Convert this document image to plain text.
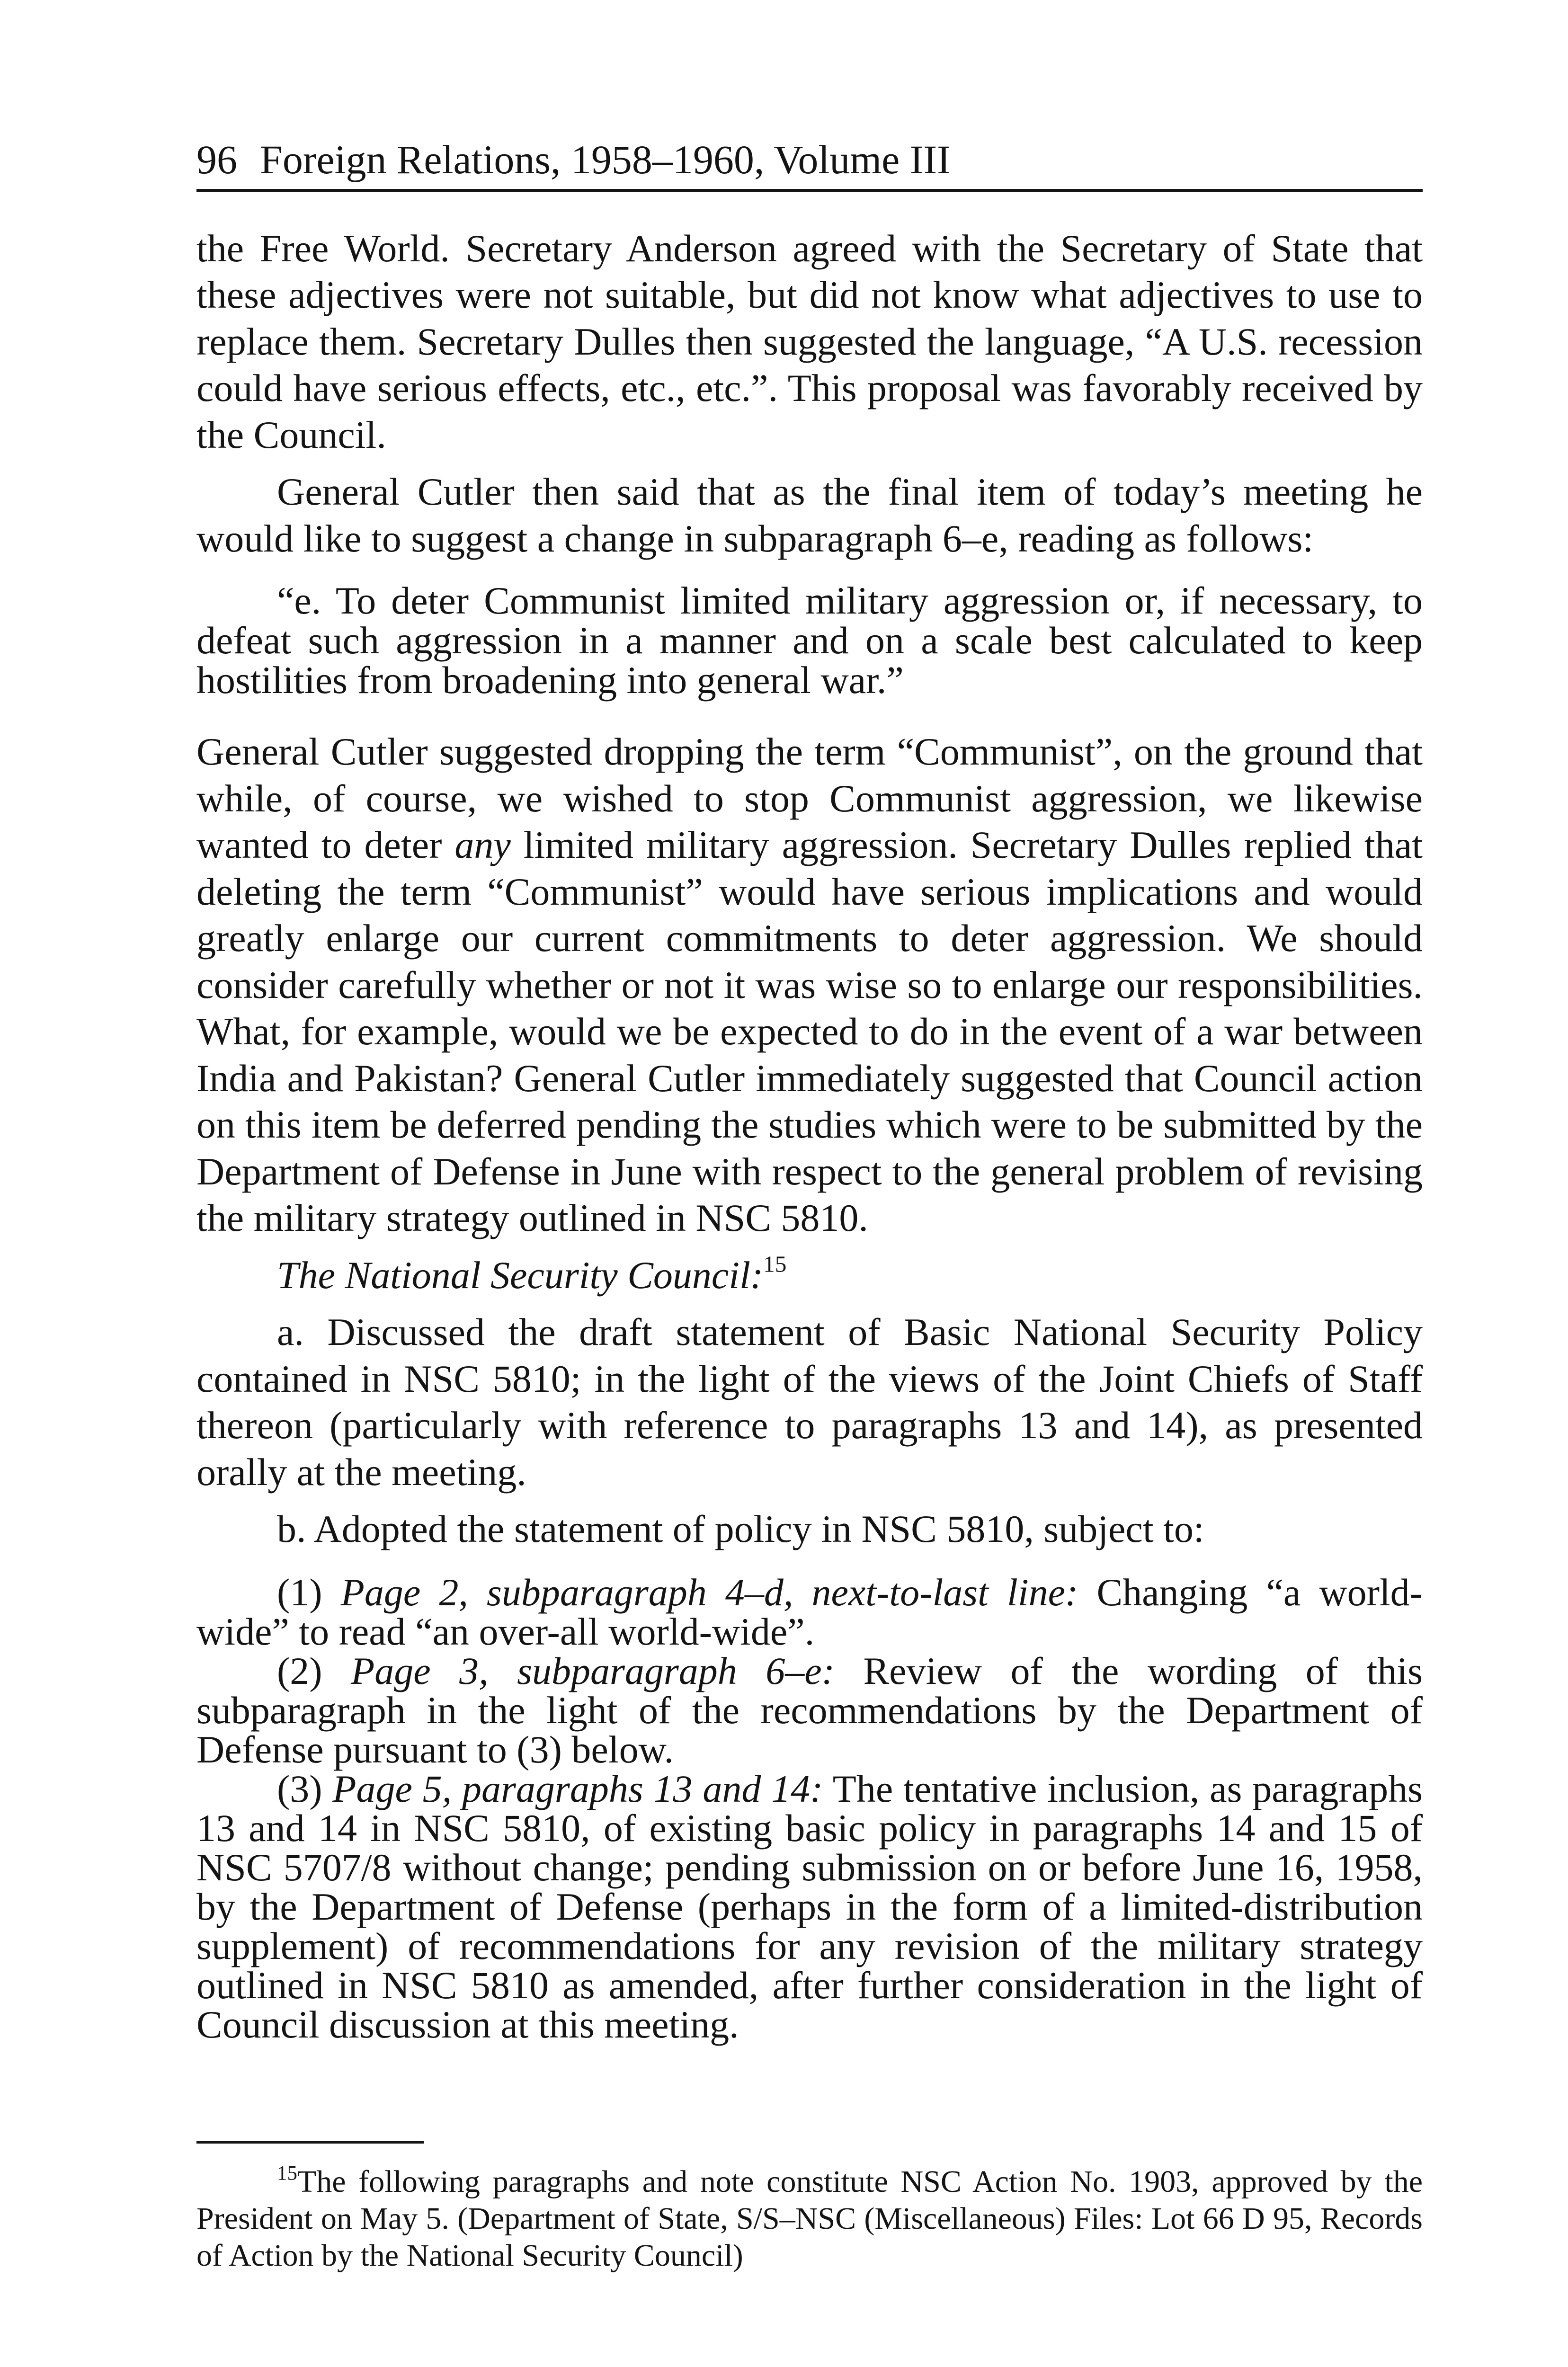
96 Foreign Relations, 1958–1960, Volume III

the Free World. Secretary Anderson agreed with the Secretary of State that these adjectives were not suitable, but did not know what adjectives to use to replace them. Secretary Dulles then suggested the language, “A U.S. recession could have serious effects, etc., etc.”. This proposal was favorably received by the Council.

General Cutler then said that as the final item of today’s meeting he would like to suggest a change in subparagraph 6–e, reading as follows:

“e. To deter Communist limited military aggression or, if necessary, to defeat such aggression in a manner and on a scale best calculated to keep hostilities from broadening into general war.”

General Cutler suggested dropping the term “Communist”, on the ground that while, of course, we wished to stop Communist aggression, we likewise wanted to deter any limited military aggression. Secretary Dulles replied that deleting the term “Communist” would have serious implications and would greatly enlarge our current commitments to deter aggression. We should consider carefully whether or not it was wise so to enlarge our responsibilities. What, for example, would we be expected to do in the event of a war between India and Pakistan? General Cutler immediately suggested that Council action on this item be deferred pending the studies which were to be submitted by the Department of Defense in June with respect to the general problem of revising the military strategy outlined in NSC 5810.

The National Security Council:$^{15}$

a. Discussed the draft statement of Basic National Security Policy contained in NSC 5810; in the light of the views of the Joint Chiefs of Staff thereon (particularly with reference to paragraphs 13 and 14), as presented orally at the meeting.

b. Adopted the statement of policy in NSC 5810, subject to:

(1) Page 2, subparagraph 4–d, next-to-last line: Changing “a world-wide” to read “an over-all world-wide”.

(2) Page 3, subparagraph 6–e: Review of the wording of this subparagraph in the light of the recommendations by the Department of Defense pursuant to (3) below.

(3) Page 5, paragraphs 13 and 14: The tentative inclusion, as paragraphs 13 and 14 in NSC 5810, of existing basic policy in paragraphs 14 and 15 of NSC 5707/8 without change; pending submission on or before June 16, 1958, by the Department of Defense (perhaps in the form of a limited-distribution supplement) of recommendations for any revision of the military strategy outlined in NSC 5810 as amended, after further consideration in the light of Council discussion at this meeting.

$^{15}$The following paragraphs and note constitute NSC Action No. 1903, approved by the President on May 5. (Department of State, S/S–NSC (Miscellaneous) Files: Lot 66 D 95, Records of Action by the National Security Council)
